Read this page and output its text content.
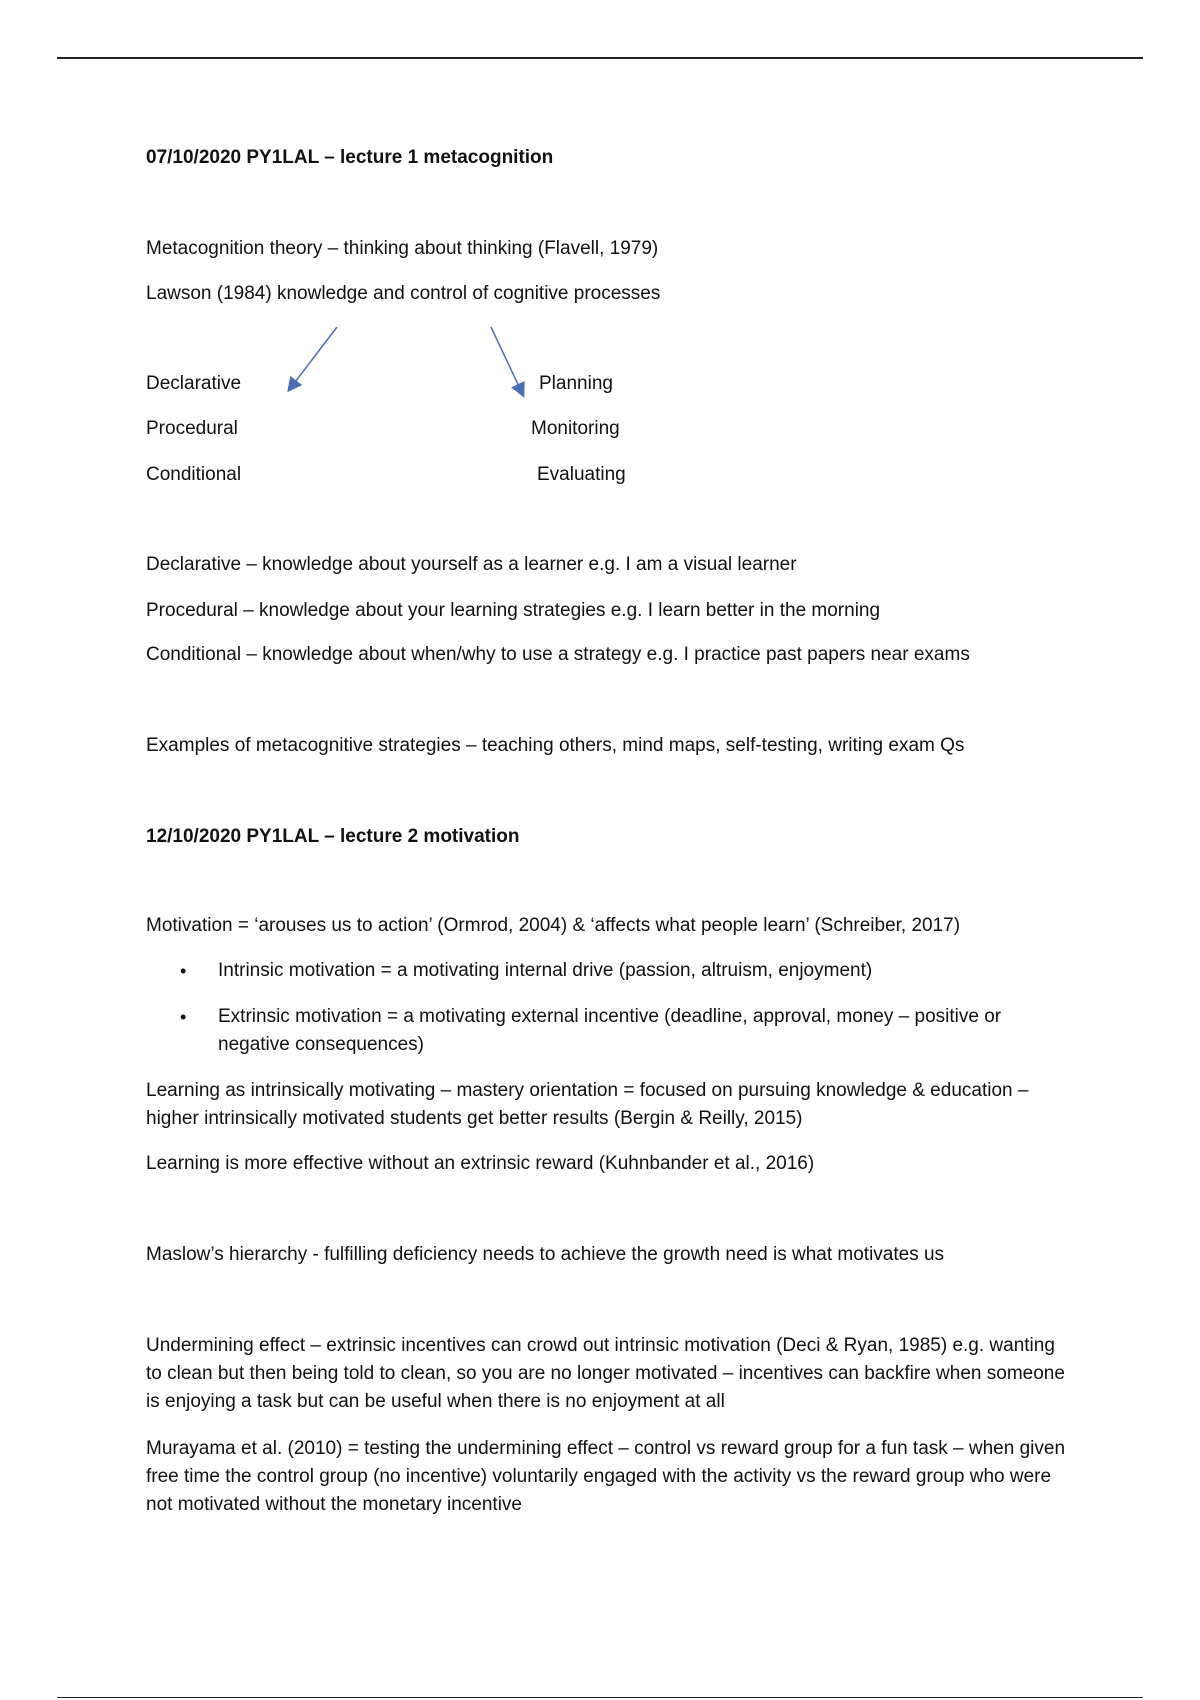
07/10/2020 PY1LAL – lecture 1 metacognition
Metacognition theory – thinking about thinking (Flavell, 1979)
Lawson (1984) knowledge and control of cognitive processes
Declarative
Procedural
Conditional
Planning
Monitoring
Evaluating
Declarative – knowledge about yourself as a learner e.g. I am a visual learner
Procedural – knowledge about your learning strategies e.g. I learn better in the morning
Conditional – knowledge about when/why to use a strategy e.g. I practice past papers near exams
Examples of metacognitive strategies – teaching others, mind maps, self-testing, writing exam Qs
12/10/2020 PY1LAL – lecture 2 motivation
Motivation = ‘arouses us to action’ (Ormrod, 2004) & ‘affects what people learn’ (Schreiber, 2017)
• Intrinsic motivation = a motivating internal drive (passion, altruism, enjoyment)
• Extrinsic motivation = a motivating external incentive (deadline, approval, money – positive or negative consequences)
Learning as intrinsically motivating – mastery orientation = focused on pursuing knowledge & education – higher intrinsically motivated students get better results (Bergin & Reilly, 2015)
Learning is more effective without an extrinsic reward (Kuhnbander et al., 2016)
Maslow’s hierarchy - fulfilling deficiency needs to achieve the growth need is what motivates us
Undermining effect – extrinsic incentives can crowd out intrinsic motivation (Deci & Ryan, 1985) e.g. wanting to clean but then being told to clean, so you are no longer motivated – incentives can backfire when someone is enjoying a task but can be useful when there is no enjoyment at all
Murayama et al. (2010) = testing the undermining effect – control vs reward group for a fun task – when given free time the control group (no incentive) voluntarily engaged with the activity vs the reward group who were not motivated without the monetary incentive
